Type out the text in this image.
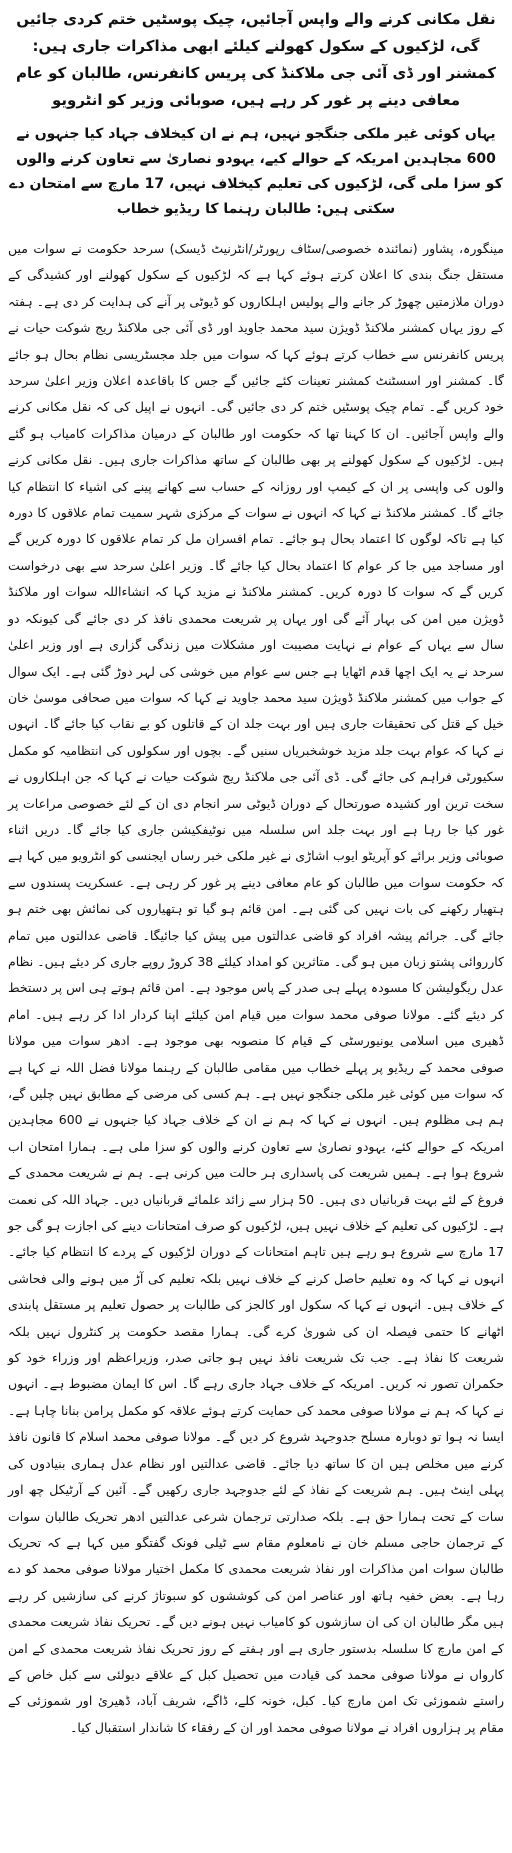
نقل مکانی کرنے والے واپس آجائیں، چیک پوسٹیں ختم کردی جائیں گی، لڑکیوں کے سکول کھولنے کیلئے ابھی مذاکرات جاری ہیں: کمشنر اور ڈی آئی جی ملاکنڈ کی پریس کانفرنس، طالبان کو عام معافی دینے پر غور کر رہے ہیں، صوبائی وزیر کو انٹرویو
یہاں کوئی غیر ملکی جنگجو نہیں، ہم نے ان کیخلاف جہاد کیا جنہوں نے 600 مجاہدین امریکہ کے حوالے کیے، یہودو نصاریٰ سے تعاون کرنے والوں کو سزا ملی گی، لڑکیوں کی تعلیم کیخلاف نہیں، 17 مارچ سے امتحان دے سکتی ہیں: طالبان رہنما کا ریڈیو خطاب

مینگورہ، پشاور (نمائندہ خصوصی/سٹاف رپورٹر/انٹرنیٹ ڈیسک) سرحد حکومت نے سوات میں مستقل جنگ بندی کا اعلان کرتے ہوئے کہا ہے کہ لڑکیوں کے سکول کھولنے اور کشیدگی کے دوران ملازمتیں چھوڑ کر جانے والے پولیس اہلکاروں کو ڈیوٹی پر آنے کی ہدایت کر دی ہے۔ ہفتہ کے روز یہاں کمشنر ملاکنڈ ڈویژن سید محمد جاوید اور ڈی آئی جی ملاکنڈ ریج شوکت حیات نے پریس کانفرنس سے خطاب کرتے ہوئے کہا کہ سوات میں جلد مجسٹریسی نظام بحال ہو جائے گا۔ کمشنر اور اسسٹنٹ کمشنر تعینات کئے جائیں گے جس کا باقاعدہ اعلان وزیر اعلیٰ سرحد خود کریں گے۔ تمام چیک پوسٹیں ختم کر دی جائیں گی۔ انہوں نے اپیل کی کہ نقل مکانی کرنے والے واپس آجائیں۔ ان کا کہنا تھا کہ حکومت اور طالبان کے درمیان مذاکرات کامیاب ہو گئے ہیں۔ لڑکیوں کے سکول کھولنے پر بھی طالبان کے ساتھ مذاکرات جاری ہیں۔ نقل مکانی کرنے والوں کی واپسی پر ان کے کیمپ اور روزانہ کے حساب سے کھانے پینے کی اشیاء کا انتظام کیا جائے گا۔ کمشنر ملاکنڈ نے کہا کہ انہوں نے سوات کے مرکزی شہر سمیت تمام علاقوں کا دورہ کیا ہے تاکہ لوگوں کا اعتماد بحال ہو جائے۔ تمام افسران مل کر تمام علاقوں کا دورہ کریں گے اور مساجد میں جا کر عوام کا اعتماد بحال کیا جائے گا۔ وزیر اعلیٰ سرحد سے بھی درخواست کریں گے کہ سوات کا دورہ کریں۔ کمشنر ملاکنڈ نے مزید کہا کہ انشاءاللہ سوات اور ملاکنڈ ڈویژن میں امن کی بہار آئے گی اور یہاں پر شریعت محمدی نافذ کر دی جائے گی کیونکہ دو سال سے یہاں کے عوام نے نہایت مصیبت اور مشکلات میں زندگی گزاری ہے اور وزیر اعلیٰ سرحد نے یہ ایک اچھا قدم اٹھایا ہے جس سے عوام میں خوشی کی لہر دوڑ گئی ہے۔ ایک سوال کے جواب میں کمشنر ملاکنڈ ڈویژن سید محمد جاوید نے کہا کہ سوات میں صحافی موسیٰ خان خیل کے قتل کی تحقیقات جاری ہیں اور بہت جلد ان کے قاتلوں کو بے نقاب کیا جائے گا۔ انہوں نے کہا کہ عوام بہت جلد مزید خوشخبریاں سنیں گے۔ بچوں اور سکولوں کی انتظامیہ کو مکمل سکیورٹی فراہم کی جائے گی۔ ڈی آئی جی ملاکنڈ ریج شوکت حیات نے کہا کہ جن اہلکاروں نے سخت ترین اور کشیدہ صورتحال کے دوران ڈیوٹی سر انجام دی ان کے لئے خصوصی مراعات پر غور کیا جا رہا ہے اور بہت جلد اس سلسلہ میں نوٹیفکیشن جاری کیا جائے گا۔ دریں اثناء صوبائی وزیر برائے کو آپریٹو ایوب اشاڑی نے غیر ملکی خبر رساں ایجنسی کو انٹرویو میں کہا ہے کہ حکومت سوات میں طالبان کو عام معافی دینے پر غور کر رہی ہے۔ عسکریت پسندوں سے ہتھیار رکھنے کی بات نہیں کی گئی ہے۔ امن قائم ہو گیا تو ہتھیاروں کی نمائش بھی ختم ہو جائے گی۔ جرائم پیشہ افراد کو قاضی عدالتوں میں پیش کیا جائیگا۔ قاضی عدالتوں میں تمام کارروائی پشتو زبان میں ہو گی۔ متاثرین کو امداد کیلئے 38 کروڑ روپے جاری کر دیئے ہیں۔ نظام عدل ریگولیشن کا مسودہ پہلے ہی صدر کے پاس موجود ہے۔ امن قائم ہوتے ہی اس پر دستخط کر دیئے گئے۔ مولانا صوفی محمد سوات میں قیام امن کیلئے اپنا کردار ادا کر رہے ہیں۔ امام ڈھیری میں اسلامی یونیورسٹی کے قیام کا منصوبہ بھی موجود ہے۔ ادھر سوات میں مولانا صوفی محمد کے ریڈیو پر پہلے خطاب میں مقامی طالبان کے رہنما مولانا فضل اللہ نے کہا ہے کہ سوات میں کوئی غیر ملکی جنگجو نہیں ہے۔ ہم کسی کی مرضی کے مطابق نہیں چلیں گے، ہم ہی مظلوم ہیں۔ انہوں نے کہا کہ ہم نے ان کے خلاف جہاد کیا جنہوں نے 600 مجاہدین امریکہ کے حوالے کئے، یہودو نصاریٰ سے تعاون کرنے والوں کو سزا ملی ہے۔ ہمارا امتحان اب شروع ہوا ہے۔ ہمیں شریعت کی پاسداری ہر حالت میں کرنی ہے۔ ہم نے شریعت محمدی کے فروغ کے لئے بہت قربانیاں دی ہیں۔ 50 ہزار سے زائد علمائے قربانیاں دیں۔ جہاد اللہ کی نعمت ہے۔ لڑکیوں کی تعلیم کے خلاف نہیں ہیں، لڑکیوں کو صرف امتحانات دینے کی اجازت ہو گی جو 17 مارچ سے شروع ہو رہے ہیں تاہم امتحانات کے دوران لڑکیوں کے پردے کا انتظام کیا جائے۔ انہوں نے کہا کہ وہ تعلیم حاصل کرنے کے خلاف نہیں بلکہ تعلیم کی آڑ میں ہونے والی فحاشی کے خلاف ہیں۔ انہوں نے کہا کہ سکول اور کالجز کی طالبات پر حصول تعلیم پر مستقل پابندی اٹھانے کا حتمی فیصلہ ان کی شوریٰ کرے گی۔ ہمارا مقصد حکومت پر کنٹرول نہیں بلکہ شریعت کا نفاذ ہے۔ جب تک شریعت نافذ نہیں ہو جاتی صدر، وزیراعظم اور وزراء خود کو حکمران تصور نہ کریں۔ امریکہ کے خلاف جہاد جاری رہے گا۔ اس کا ایمان مضبوط ہے۔ انہوں نے کہا کہ ہم نے مولانا صوفی محمد کی حمایت کرتے ہوئے علاقہ کو مکمل پرامن بنانا چاہا ہے۔ ایسا نہ ہوا تو دوبارہ مسلح جدوجہد شروع کر دیں گے۔ مولانا صوفی محمد اسلام کا قانون نافذ کرنے میں مخلص ہیں ان کا ساتھ دیا جائے۔ قاضی عدالتیں اور نظام عدل ہماری بنیادوں کی پہلی اینٹ ہیں۔ ہم شریعت کے نفاذ کے لئے جدوجہد جاری رکھیں گے۔ آئین کے آرٹیکل چھ اور سات کے تحت ہمارا حق ہے۔ بلکہ صدارتی ترجمان شرعی عدالتیں ادھر تحریک طالبان سوات کے ترجمان حاجی مسلم خان نے نامعلوم مقام سے ٹیلی فونک گفتگو میں کہا ہے کہ تحریک طالبان سوات امن مذاکرات اور نفاذ شریعت محمدی کا مکمل اختیار مولانا صوفی محمد کو دے رہا ہے۔ بعض خفیہ ہاتھ اور عناصر امن کی کوششوں کو سبوتاژ کرنے کی سازشیں کر رہے ہیں مگر طالبان ان کی ان سازشوں کو کامیاب نہیں ہونے دیں گے۔ تحریک نفاذ شریعت محمدی کے امن مارچ کا سلسلہ بدستور جاری ہے اور ہفتے کے روز تحریک نفاذ شریعت محمدی کے امن کارواں نے مولانا صوفی محمد کی قیادت میں تحصیل کبل کے علاقے دیولئی سے کبل خاص کے راستے شموزئی تک امن مارچ کیا۔ کبل، خونہ کلے، ڈاگے، شریف آباد، ڈھیرئ اور شموزئی کے مقام پر ہزاروں افراد نے مولانا صوفی محمد اور ان کے رفقاء کا شاندار استقبال کیا۔
